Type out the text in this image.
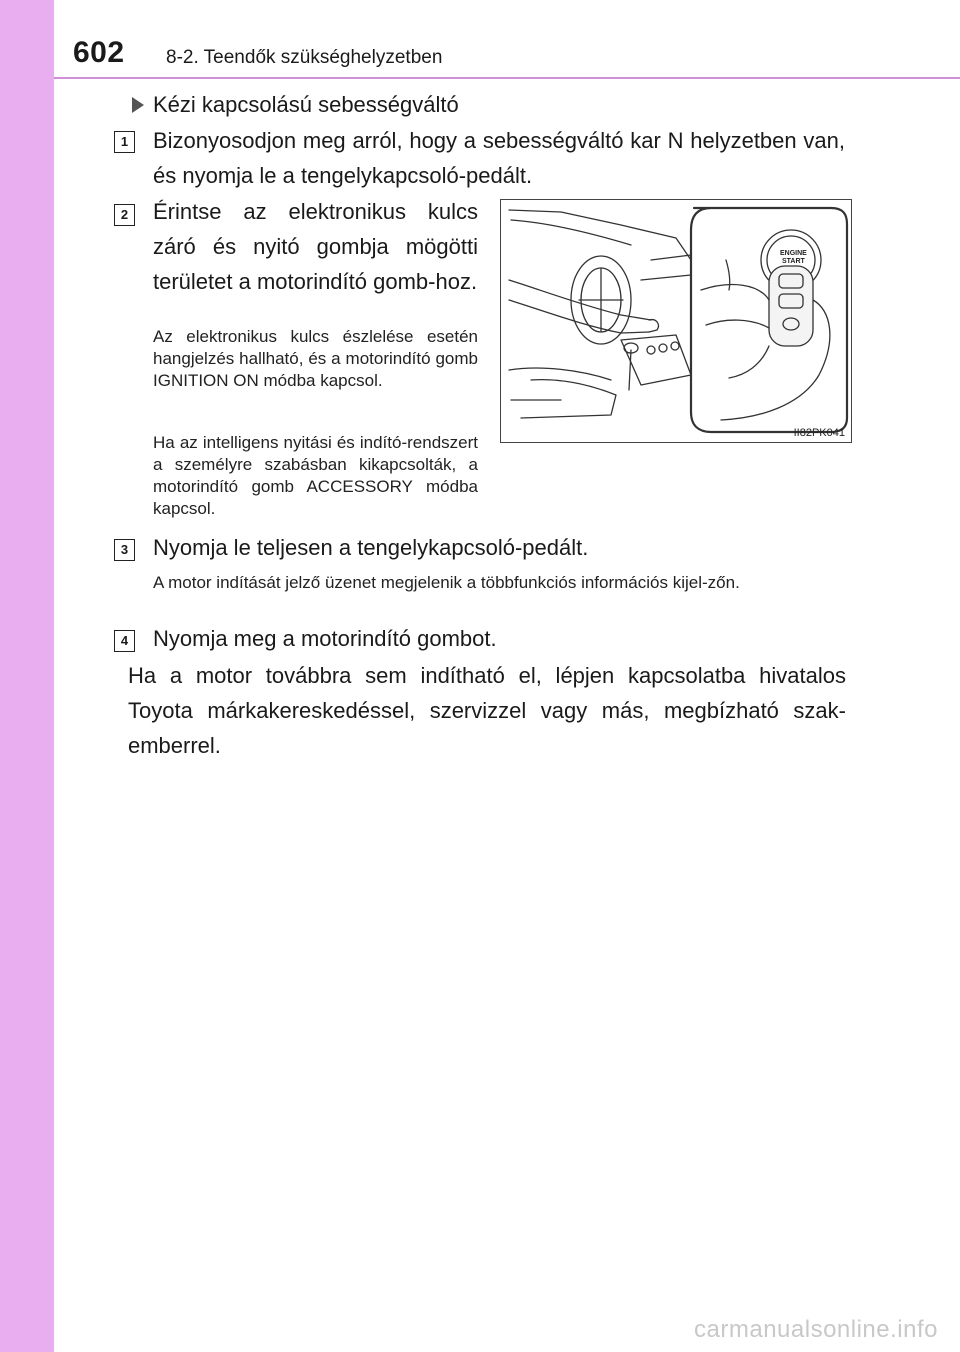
602 8-2. Teendők szükséghelyzetben
Kézi kapcsolású sebességváltó
1	Bizonyosodjon meg arról, hogy a sebességváltó kar N helyzetben van, és nyomja le a tengelykapcsoló-pedált.
2	Érintse az elektronikus kulcs záró és nyitó gombja mögötti területet a motorindító gomb-hoz.
Az elektronikus kulcs észlelése esetén hangjelzés hallható, és a motorindító gomb IGNITION ON módba kapcsol.
Ha az intelligens nyitási és indító-rendszert a személyre szabásban kikapcsolták, a motorindító gomb ACCESSORY módba kapcsol.
ENGINE
START
II82PK041
3	Nyomja le teljesen a tengelykapcsoló-pedált.
A motor indítását jelző üzenet megjelenik a többfunkciós információs kijel-zőn.
4	Nyomja meg a motorindító gombot.
Ha a motor továbbra sem indítható el, lépjen kapcsolatba hivatalos Toyota márkakereskedéssel, szervizzel vagy más, megbízható szak-emberrel.
carmanualsonline.info
